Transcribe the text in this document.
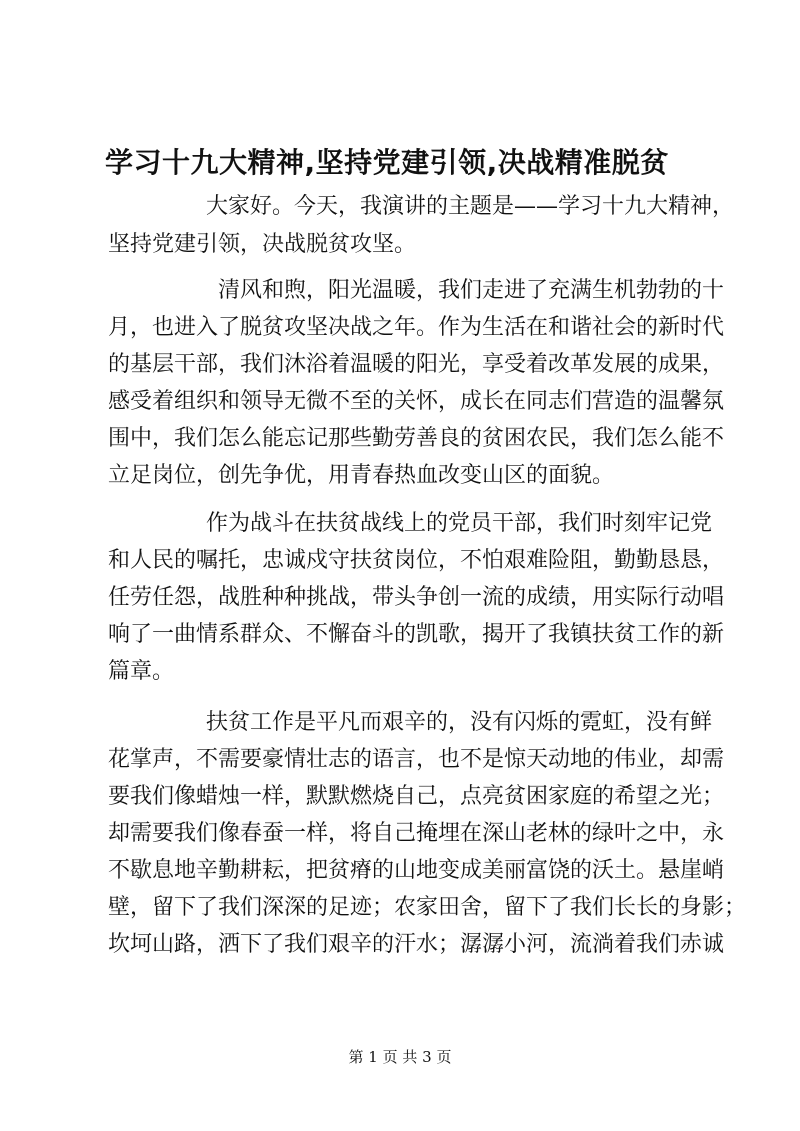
学习十九大精神,坚持党建引领,决战精准脱贫
大家好。今天，我演讲的主题是——学习十九大精神，
坚持党建引领，决战脱贫攻坚。
清风和煦，阳光温暖，我们走进了充满生机勃勃的十
月，也进入了脱贫攻坚决战之年。作为生活在和谐社会的新时代
的基层干部，我们沐浴着温暖的阳光，享受着改革发展的成果，
感受着组织和领导无微不至的关怀，成长在同志们营造的温馨氛
围中，我们怎么能忘记那些勤劳善良的贫困农民，我们怎么能不
立足岗位，创先争优，用青春热血改变山区的面貌。
作为战斗在扶贫战线上的党员干部，我们时刻牢记党
和人民的嘱托，忠诚戍守扶贫岗位，不怕艰难险阻，勤勤恳恳，
任劳任怨，战胜种种挑战，带头争创一流的成绩，用实际行动唱
响了一曲情系群众、不懈奋斗的凯歌，揭开了我镇扶贫工作的新
篇章。
扶贫工作是平凡而艰辛的，没有闪烁的霓虹，没有鲜
花掌声，不需要豪情壮志的语言，也不是惊天动地的伟业，却需
要我们像蜡烛一样，默默燃烧自己，点亮贫困家庭的希望之光；
却需要我们像春蚕一样，将自己掩埋在深山老林的绿叶之中，永
不歇息地辛勤耕耘，把贫瘠的山地变成美丽富饶的沃土。悬崖峭
壁，留下了我们深深的足迹；农家田舍，留下了我们长长的身影；
坎坷山路，洒下了我们艰辛的汗水；潺潺小河，流淌着我们赤诚
第 1 页 共 3 页
